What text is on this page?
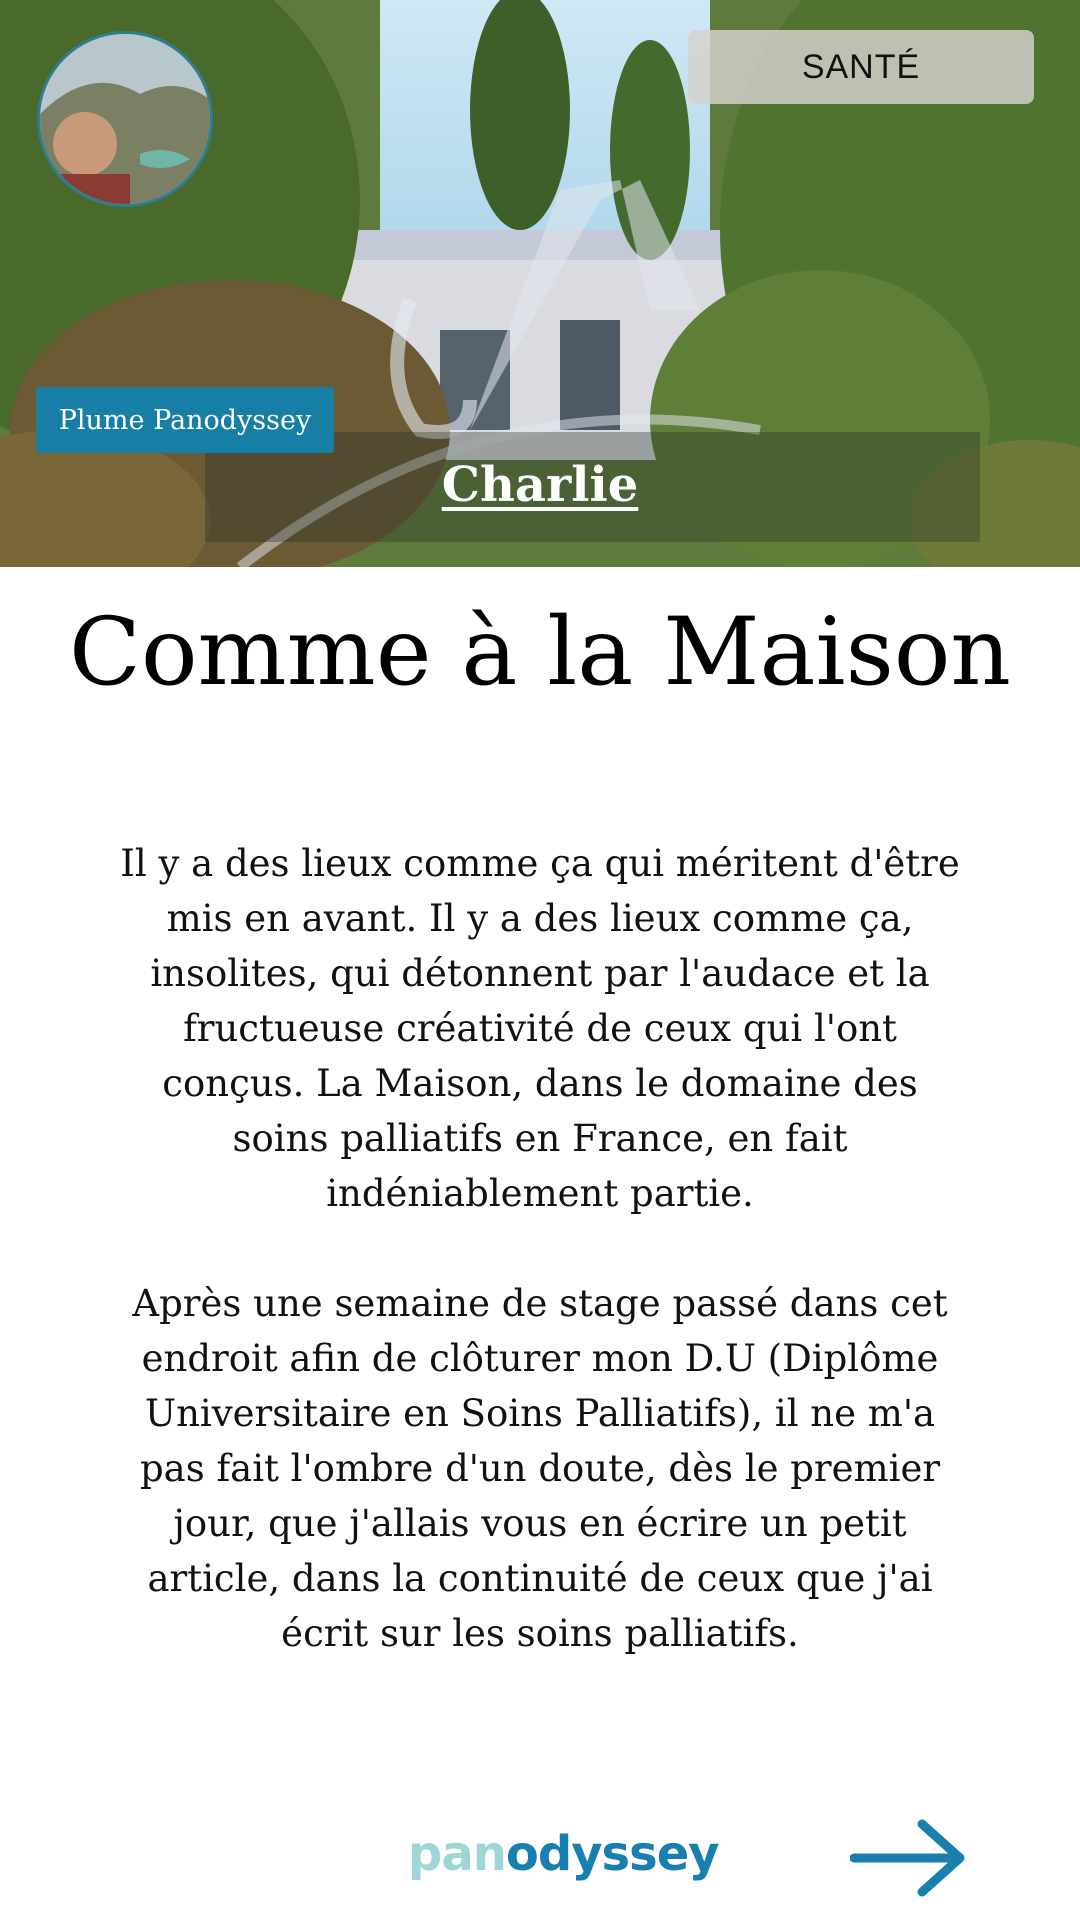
SANTÉ
Charlie
Plume Panodyssey
Comme à la Maison

Il y a des lieux comme ça qui méritent d'être mis en avant. Il y a des lieux comme ça, insolites, qui détonnent par l'audace et la fructueuse créativité de ceux qui l'ont conçus. La Maison, dans le domaine des soins palliatifs en France, en fait indéniablement partie.

Après une semaine de stage passé dans cet endroit afin de clôturer mon D.U (Diplôme Universitaire en Soins Palliatifs), il ne m'a pas fait l'ombre d'un doute, dès le premier jour, que j'allais vous en écrire un petit article, dans la continuité de ceux que j'ai écrit sur les soins palliatifs.

panodyssey
